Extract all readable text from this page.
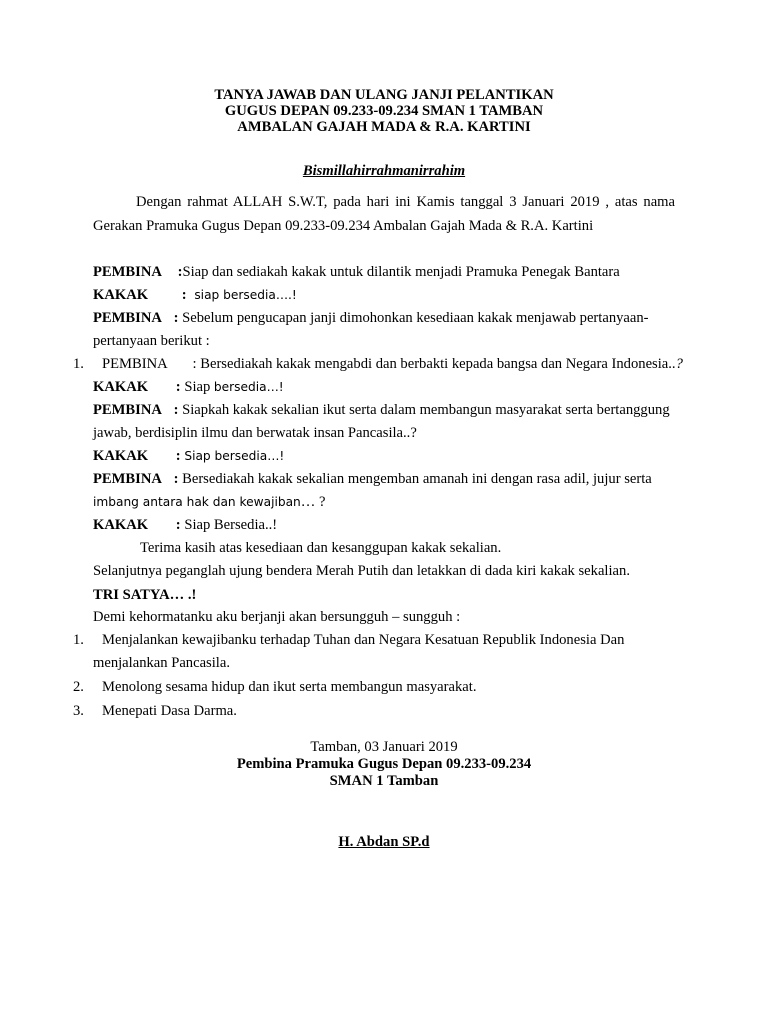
TANYA JAWAB DAN ULANG JANJI PELANTIKAN
GUGUS DEPAN 09.233-09.234 SMAN 1 TAMBAN
AMBALAN GAJAH MADA & R.A. KARTINI
Bismillahirrahmanirrahim
Dengan rahmat ALLAH S.W.T, pada hari ini Kamis tanggal 3 Januari 2019 , atas nama
Gerakan Pramuka Gugus Depan 09.233-09.234 Ambalan Gajah Mada & R.A. Kartini
PEMBINA :Siap dan sediakah kakak untuk dilantik menjadi Pramuka Penegak Bantara
KAKAK : siap bersedia….!
PEMBINA : Sebelum pengucapan janji dimohonkan kesediaan kakak menjawab pertanyaan-
pertanyaan berikut :
1. PEMBINA : Bersediakah kakak mengabdi dan berbakti kepada bangsa dan Negara Indonesia..?
KAKAK : Siap bersedia…!
PEMBINA : Siapkah kakak sekalian ikut serta dalam membangun masyarakat serta bertanggung
jawab, berdisiplin ilmu dan berwatak insan Pancasila..?
KAKAK : Siap bersedia…!
PEMBINA : Bersediakah kakak sekalian mengemban amanah ini dengan rasa adil, jujur serta
imbang antara hak dan kewajiban… ?
KAKAK : Siap Bersedia..!
Terima kasih atas kesediaan dan kesanggupan kakak sekalian.
Selanjutnya peganglah ujung bendera Merah Putih dan letakkan di dada kiri kakak sekalian.
TRI SATYA… .!
Demi kehormatanku aku berjanji akan bersungguh – sungguh :
1. Menjalankan kewajibanku terhadap Tuhan dan Negara Kesatuan Republik Indonesia Dan
menjalankan Pancasila.
2. Menolong sesama hidup dan ikut serta membangun masyarakat.
3. Menepati Dasa Darma.
Tamban, 03 Januari 2019
Pembina Pramuka Gugus Depan 09.233-09.234
SMAN 1 Tamban
H. Abdan SP.d
